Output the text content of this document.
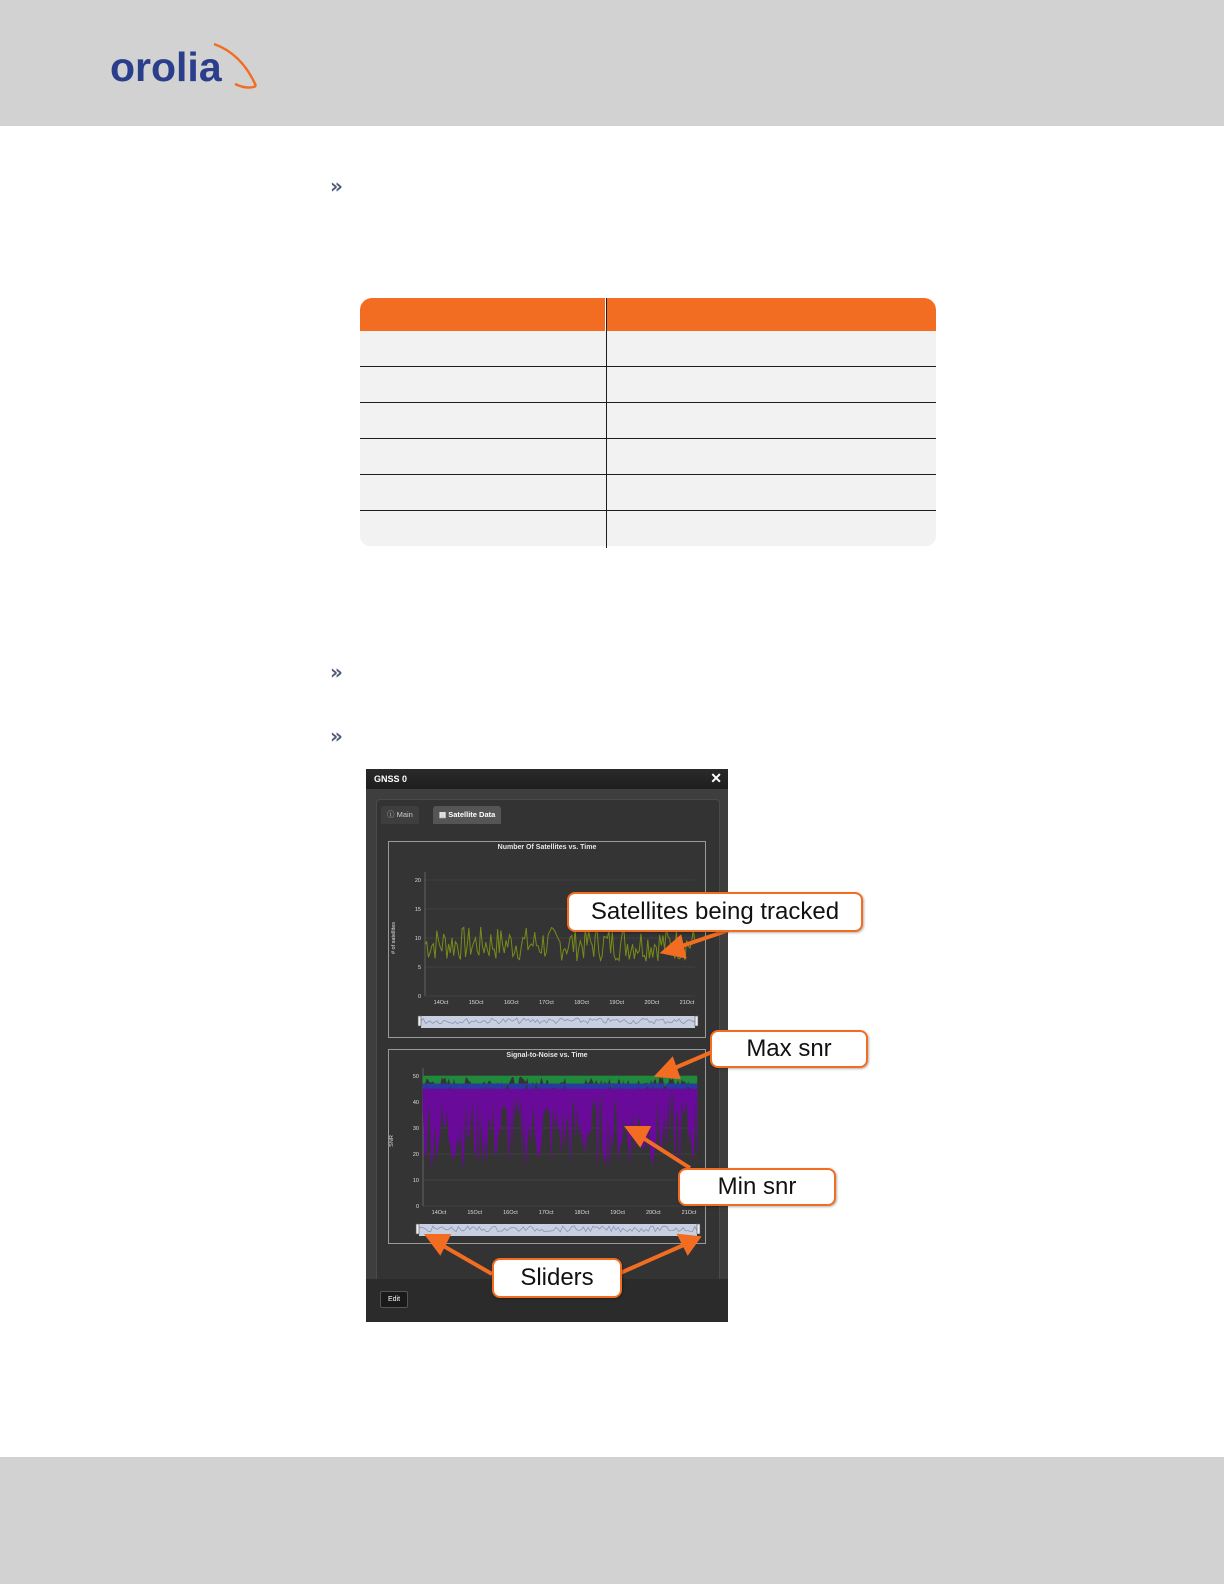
orolia
»
»
»
GNSS 0	✕
ⓘ Main	▤ Satellite Data
Number Of Satellites vs. Time
0
5
10
15
20
# of satellites
14Oct	15Oct	16Oct	17Oct	18Oct	19Oct	20Oct	21Oct
Signal-to-Noise vs. Time
0
10
20
30
40
50
SNR
14Oct	15Oct	16Oct	17Oct	18Oct	19Oct	20Oct	21Oct
Edit
Satellites being tracked
Max snr
Min snr
Sliders
